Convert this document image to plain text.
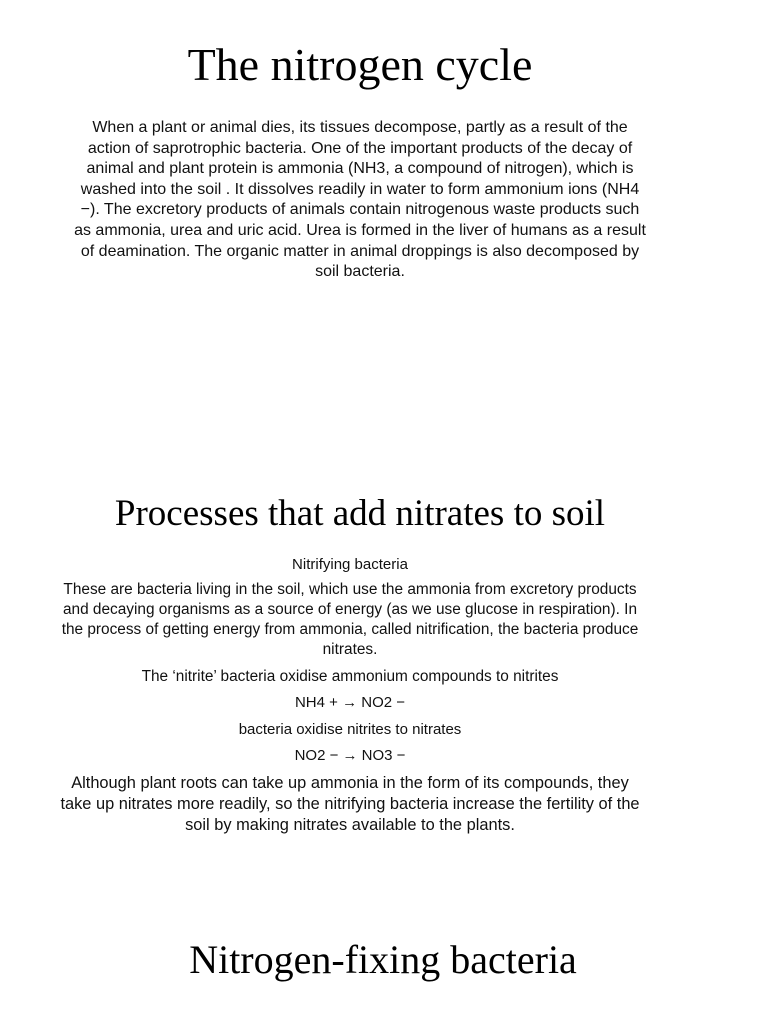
The nitrogen cycle

When a plant or animal dies, its tissues decompose, partly as a result of the action of saprotrophic bacteria. One of the important products of the decay of animal and plant protein is ammonia (NH3, a compound of nitrogen), which is washed into the soil . It dissolves readily in water to form ammonium ions (NH4 −). The excretory products of animals contain nitrogenous waste products such as ammonia, urea and uric acid. Urea is formed in the liver of humans as a result of deamination. The organic matter in animal droppings is also decomposed by soil bacteria.

Processes that add nitrates to soil

Nitrifying bacteria

These are bacteria living in the soil, which use the ammonia from excretory products and decaying organisms as a source of energy (as we use glucose in respiration). In the process of getting energy from ammonia, called nitrification, the bacteria produce nitrates.

The ‘nitrite’ bacteria oxidise ammonium compounds to nitrites

NH4 + → NO2 −

bacteria oxidise nitrites to nitrates

NO2 − → NO3 −

Although plant roots can take up ammonia in the form of its compounds, they take up nitrates more readily, so the nitrifying bacteria increase the fertility of the soil by making nitrates available to the plants.

Nitrogen-fixing bacteria
